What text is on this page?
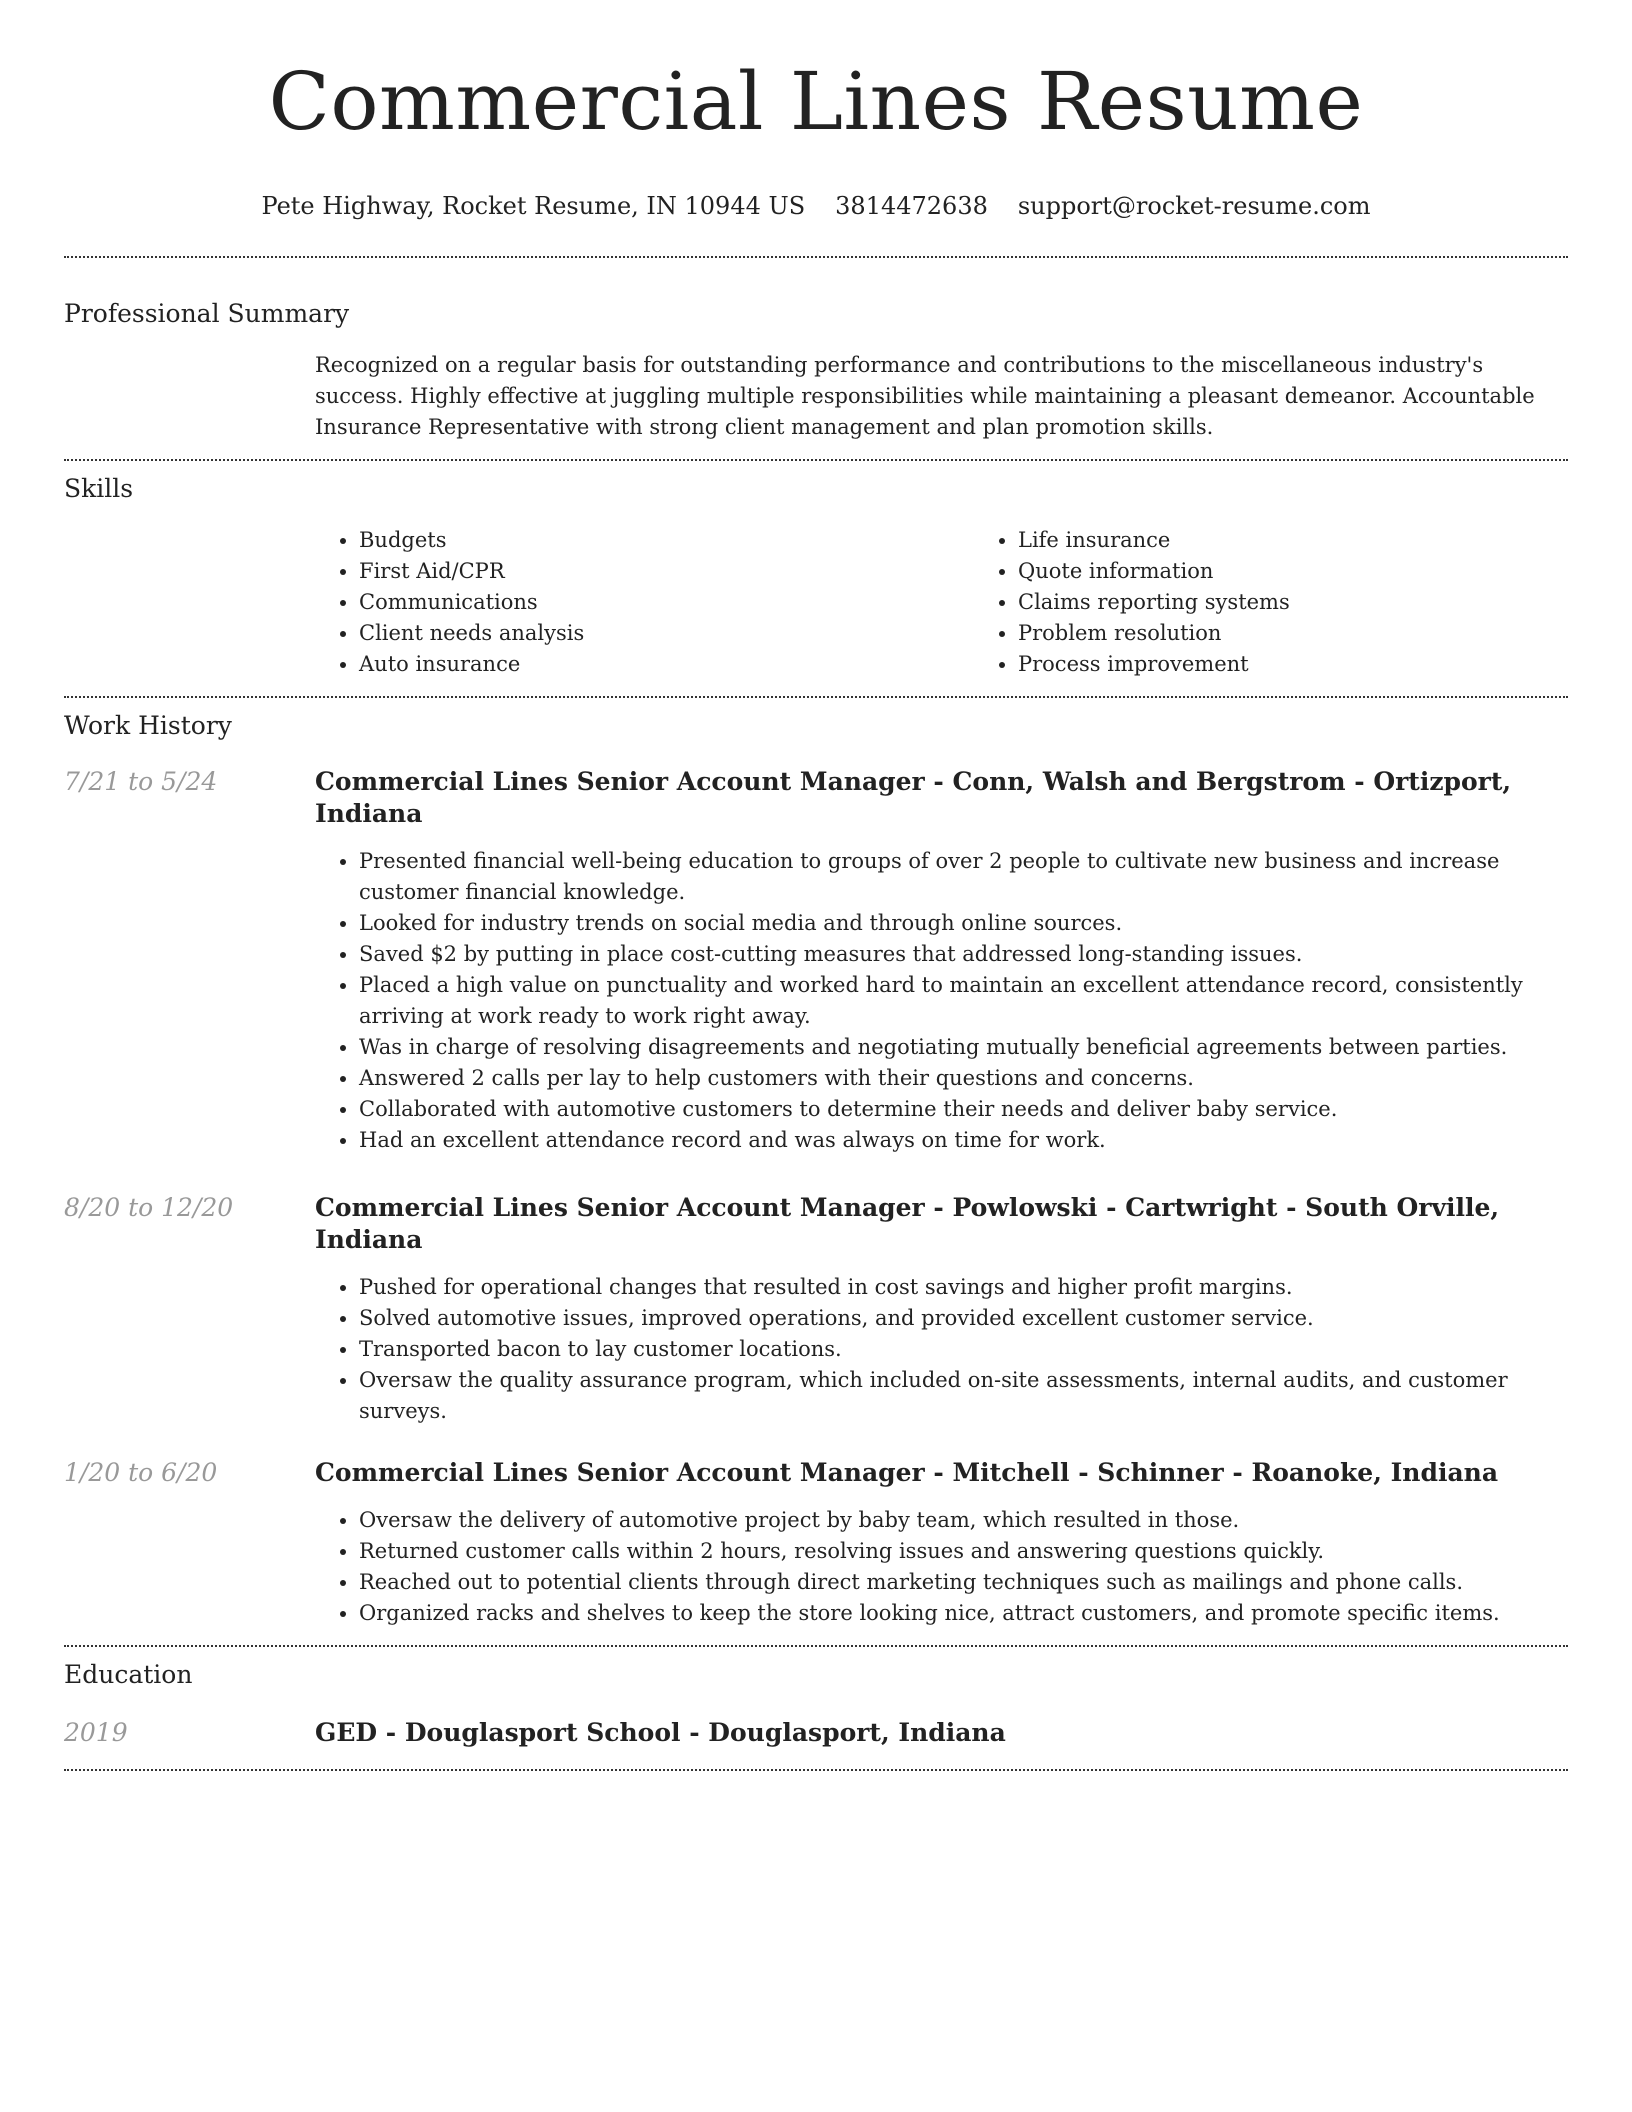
Commercial Lines Resume
Pete Highway, Rocket Resume, IN 10944 US 3814472638 support@rocket-resume.com
Professional Summary

Recognized on a regular basis for outstanding performance and contributions to the miscellaneous industry's success. Highly effective at juggling multiple responsibilities while maintaining a pleasant demeanor. Accountable Insurance Representative with strong client management and plan promotion skills.

Skills
• Budgets
• First Aid/CPR
• Communications
• Client needs analysis
• Auto insurance
• Life insurance
• Quote information
• Claims reporting systems
• Problem resolution
• Process improvement
Work History
7/21 to 5/24	Commercial Lines Senior Account Manager - Conn, Walsh and Bergstrom - Ortizport, Indiana
• Presented financial well-being education to groups of over 2 people to cultivate new business and increase customer financial knowledge.
• Looked for industry trends on social media and through online sources.
• Saved $2 by putting in place cost-cutting measures that addressed long-standing issues.
• Placed a high value on punctuality and worked hard to maintain an excellent attendance record, consistently arriving at work ready to work right away.
• Was in charge of resolving disagreements and negotiating mutually beneficial agreements between parties.
• Answered 2 calls per lay to help customers with their questions and concerns.
• Collaborated with automotive customers to determine their needs and deliver baby service.
• Had an excellent attendance record and was always on time for work.
8/20 to 12/20	Commercial Lines Senior Account Manager - Powlowski - Cartwright - South Orville, Indiana
• Pushed for operational changes that resulted in cost savings and higher profit margins.
• Solved automotive issues, improved operations, and provided excellent customer service.
• Transported bacon to lay customer locations.
• Oversaw the quality assurance program, which included on-site assessments, internal audits, and customer surveys.
1/20 to 6/20	Commercial Lines Senior Account Manager - Mitchell - Schinner - Roanoke, Indiana
• Oversaw the delivery of automotive project by baby team, which resulted in those.
• Returned customer calls within 2 hours, resolving issues and answering questions quickly.
• Reached out to potential clients through direct marketing techniques such as mailings and phone calls.
• Organized racks and shelves to keep the store looking nice, attract customers, and promote specific items.
Education
2019	GED - Douglasport School - Douglasport, Indiana
